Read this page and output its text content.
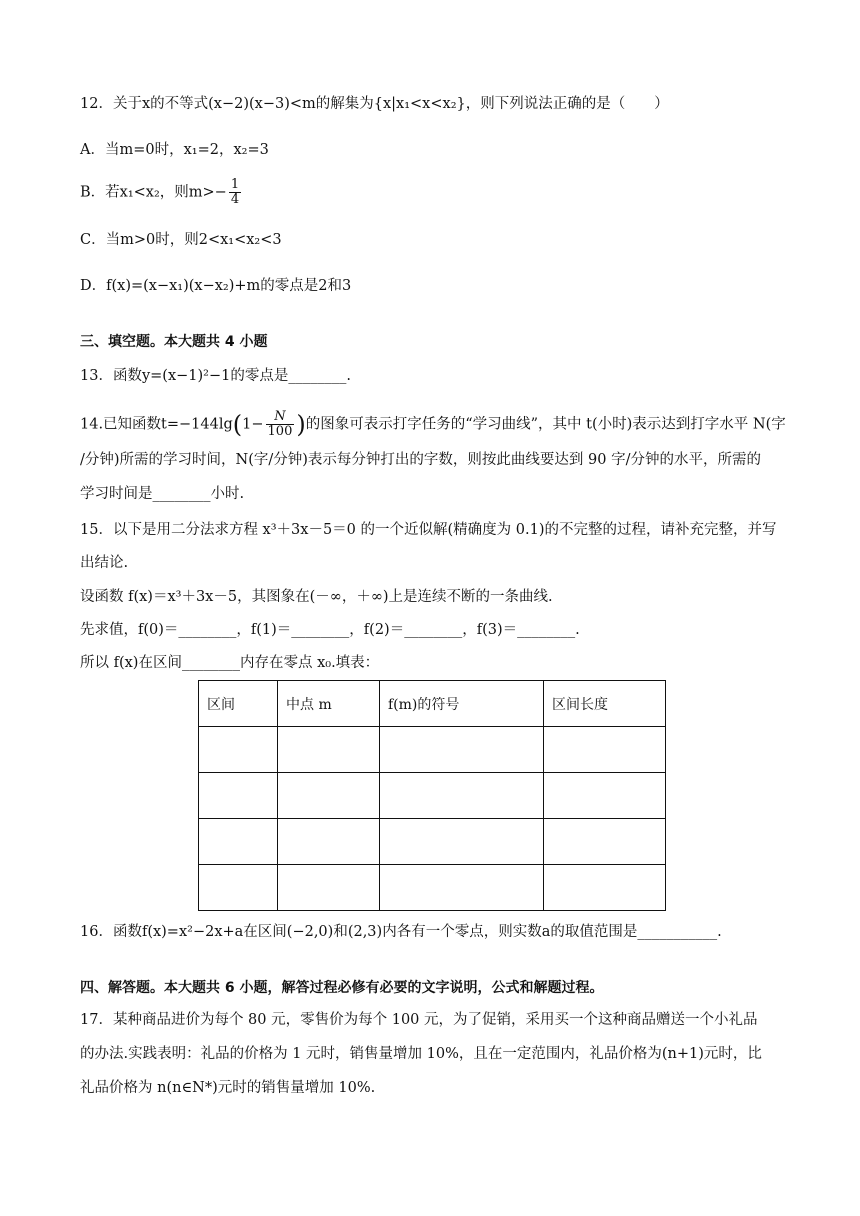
12．关于x的不等式(x−2)(x−3)<m的解集为{x|x₁<x<x₂}，则下列说法正确的是（　　）
A．当m=0时，x₁=2，x₂=3
B．若x₁<x₂，则$m>- \frac{1}{4}$
C．当m>0时，则2<x₁<x₂<3
D．f(x)=(x−x₁)(x−x₂)+m的零点是2和3
三、填空题。本大题共 4 小题
13．函数y=(x−1)²−1的零点是________.
14.已知函数$t=-144\lg(1- \frac{N}{100}$ )的图象可表示打字任务的“学习曲线”，其中 t(小时)表示达到打字水平 N(字
/分钟)所需的学习时间，N(字/分钟)表示每分钟打出的字数，则按此曲线要达到 90 字/分钟的水平，所需的
学习时间是________小时.
15．以下是用二分法求方程 x³＋3x－5＝0 的一个近似解(精确度为 0.1)的不完整的过程，请补充完整，并写
出结论.
设函数 f(x)＝x³＋3x－5，其图象在(－∞，＋∞)上是连续不断的一条曲线.
先求值，f(0)＝________，f(1)＝________，f(2)＝________，f(3)＝________.
所以 f(x)在区间________内存在零点 x₀.填表：
区间	中点 m	f(m)的符号	区间长度

16．函数f(x)=x²−2x+a在区间(−2,0)和(2,3)内各有一个零点，则实数a的取值范围是___________.
四、解答题。本大题共 6 小题，解答过程必修有必要的文字说明，公式和解题过程。
17．某种商品进价为每个 80 元，零售价为每个 100 元，为了促销，采用买一个这种商品赠送一个小礼品
的办法.实践表明：礼品的价格为 1 元时，销售量增加 10%，且在一定范围内，礼品价格为(n+1)元时，比
礼品价格为 n(n∈N*)元时的销售量增加 10%.
